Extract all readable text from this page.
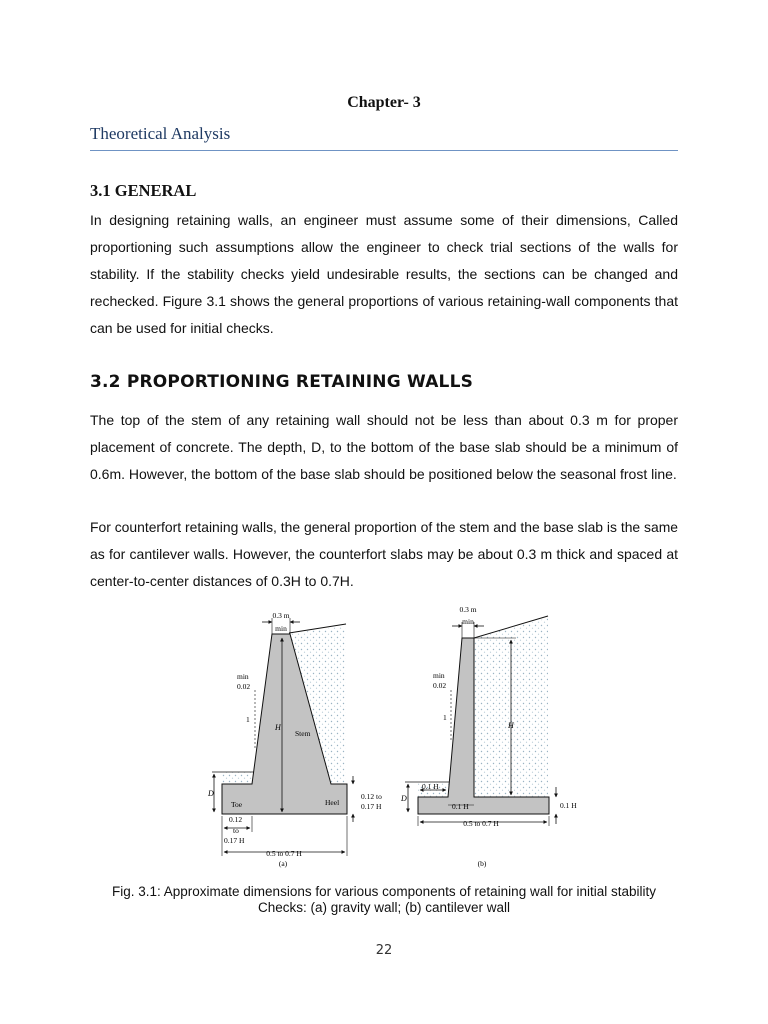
Chapter- 3
Theoretical Analysis
3.1 GENERAL
In designing retaining walls, an engineer must assume some of their dimensions, Called
proportioning such assumptions allow the engineer to check trial sections of the walls for
stability. If the stability checks yield undesirable results, the sections can be changed and
rechecked. Figure 3.1 shows the general proportions of various retaining-wall components that
can be used for initial checks.
3.2 PROPORTIONING RETAINING WALLS
The top of the stem of any retaining wall should not be less than about 0.3 m for proper
placement of concrete. The depth, D, to the bottom of the base slab should be a minimum of
0.6m. However, the bottom of the base slab should be positioned below the seasonal frost line.
For counterfort retaining walls, the general proportion of the stem and the base slab is the same
as for cantilever walls. However, the counterfort slabs may be about 0.3 m thick and spaced at
center-to-center distances of 0.3H to 0.7H.
0.3 m
min
min
0.02
1
H
Stem
D
Toe	Heel
0.12 to
0.17 H
0.12
to
0.17 H
0.5 to 0.7 H
(a)
0.3 m
min
min
0.02
1
H
D
0.1 H
0.1 H	0.1 H
0.5 to 0.7 H
(b)
Fig. 3.1: Approximate dimensions for various components of retaining wall for initial stability
Checks: (a) gravity wall; (b) cantilever wall
22
